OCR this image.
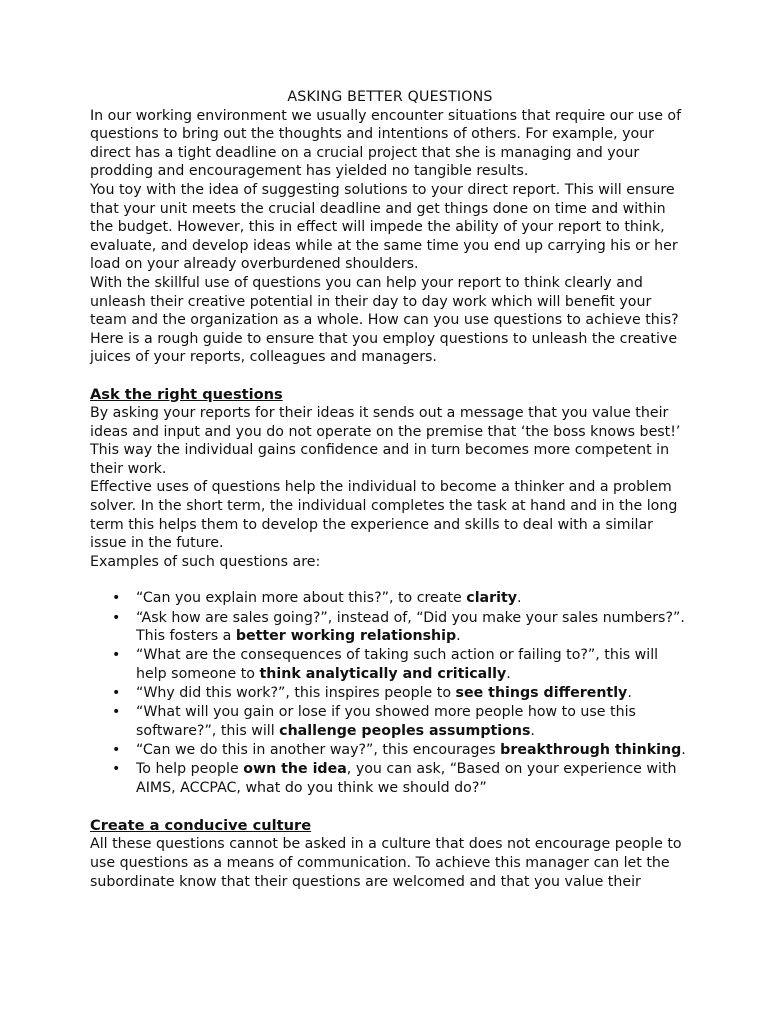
ASKING BETTER QUESTIONS

In our working environment we usually encounter situations that require our use of questions to bring out the thoughts and intentions of others. For example, your direct has a tight deadline on a crucial project that she is managing and your prodding and encouragement has yielded no tangible results.

You toy with the idea of suggesting solutions to your direct report. This will ensure that your unit meets the crucial deadline and get things done on time and within the budget. However, this in effect will impede the ability of your report to think, evaluate, and develop ideas while at the same time you end up carrying his or her load on your already overburdened shoulders.

With the skillful use of questions you can help your report to think clearly and unleash their creative potential in their day to day work which will benefit your team and the organization as a whole. How can you use questions to achieve this?

Here is a rough guide to ensure that you employ questions to unleash the creative juices of your reports, colleagues and managers.

Ask the right questions

By asking your reports for their ideas it sends out a message that you value their ideas and input and you do not operate on the premise that ‘the boss knows best!’ This way the individual gains confidence and in turn becomes more competent in their work.

Effective uses of questions help the individual to become a thinker and a problem solver. In the short term, the individual completes the task at hand and in the long term this helps them to develop the experience and skills to deal with a similar issue in the future.

Examples of such questions are:

• “Can you explain more about this?”, to create clarity.
• “Ask how are sales going?”, instead of, “Did you make your sales numbers?”. This fosters a better working relationship.
• “What are the consequences of taking such action or failing to?”, this will help someone to think analytically and critically.
• “Why did this work?”, this inspires people to see things differently.
• “What will you gain or lose if you showed more people how to use this software?”, this will challenge peoples assumptions.
• “Can we do this in another way?”, this encourages breakthrough thinking.
• To help people own the idea, you can ask, “Based on your experience with AIMS, ACCPAC, what do you think we should do?”
Create a conducive culture

All these questions cannot be asked in a culture that does not encourage people to use questions as a means of communication. To achieve this manager can let the subordinate know that their questions are welcomed and that you value their
